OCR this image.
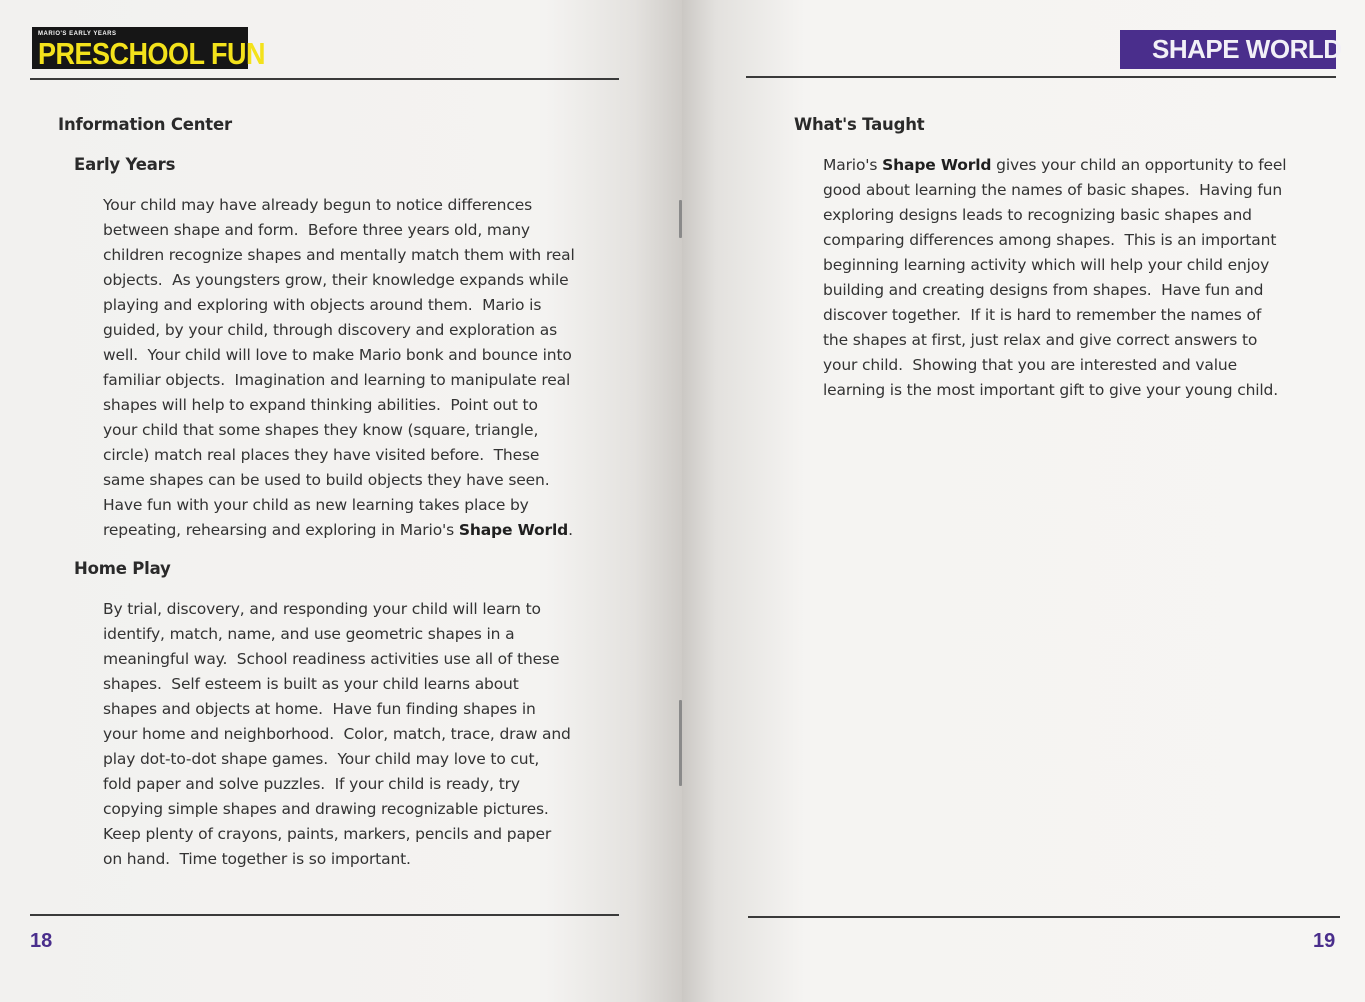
MARIO'S EARLY YEARS
PRESCHOOL FUN
Information Center
Early Years

Your child may have already begun to notice differences
between shape and form.  Before three years old, many
children recognize shapes and mentally match them with real
objects.  As youngsters grow, their knowledge expands while
playing and exploring with objects around them.  Mario is
guided, by your child, through discovery and exploration as
well.  Your child will love to make Mario bonk and bounce into
familiar objects.  Imagination and learning to manipulate real
shapes will help to expand thinking abilities.  Point out to
your child that some shapes they know (square, triangle,
circle) match real places they have visited before.  These
same shapes can be used to build objects they have seen.
Have fun with your child as new learning takes place by
repeating, rehearsing and exploring in Mario's Shape World.

Home Play

By trial, discovery, and responding your child will learn to
identify, match, name, and use geometric shapes in a
meaningful way.  School readiness activities use all of these
shapes.  Self esteem is built as your child learns about
shapes and objects at home.  Have fun finding shapes in
your home and neighborhood.  Color, match, trace, draw and
play dot-to-dot shape games.  Your child may love to cut,
fold paper and solve puzzles.  If your child is ready, try
copying simple shapes and drawing recognizable pictures.
Keep plenty of crayons, paints, markers, pencils and paper
on hand.  Time together is so important.

18
SHAPE WORLD
What's Taught

Mario's Shape World gives your child an opportunity to feel
good about learning the names of basic shapes.  Having fun
exploring designs leads to recognizing basic shapes and
comparing differences among shapes.  This is an important
beginning learning activity which will help your child enjoy
building and creating designs from shapes.  Have fun and
discover together.  If it is hard to remember the names of
the shapes at first, just relax and give correct answers to
your child.  Showing that you are interested and value
learning is the most important gift to give your young child.

19
